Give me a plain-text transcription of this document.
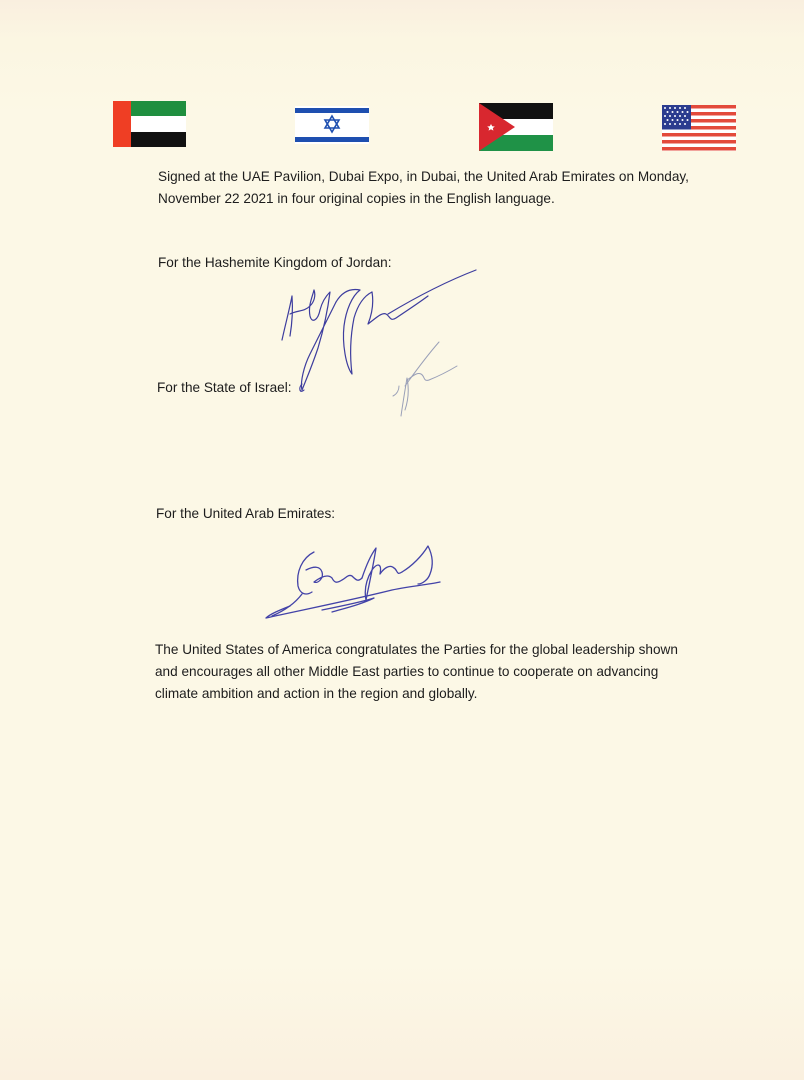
Signed at the UAE Pavilion, Dubai Expo, in Dubai, the United Arab Emirates on Monday,
November 22 2021 in four original copies in the English language.
For the Hashemite Kingdom of Jordan:
For the State of Israel:
For the United Arab Emirates:
The United States of America congratulates the Parties for the global leadership shown
and encourages all other Middle East parties to continue to cooperate on advancing
climate ambition and action in the region and globally.
